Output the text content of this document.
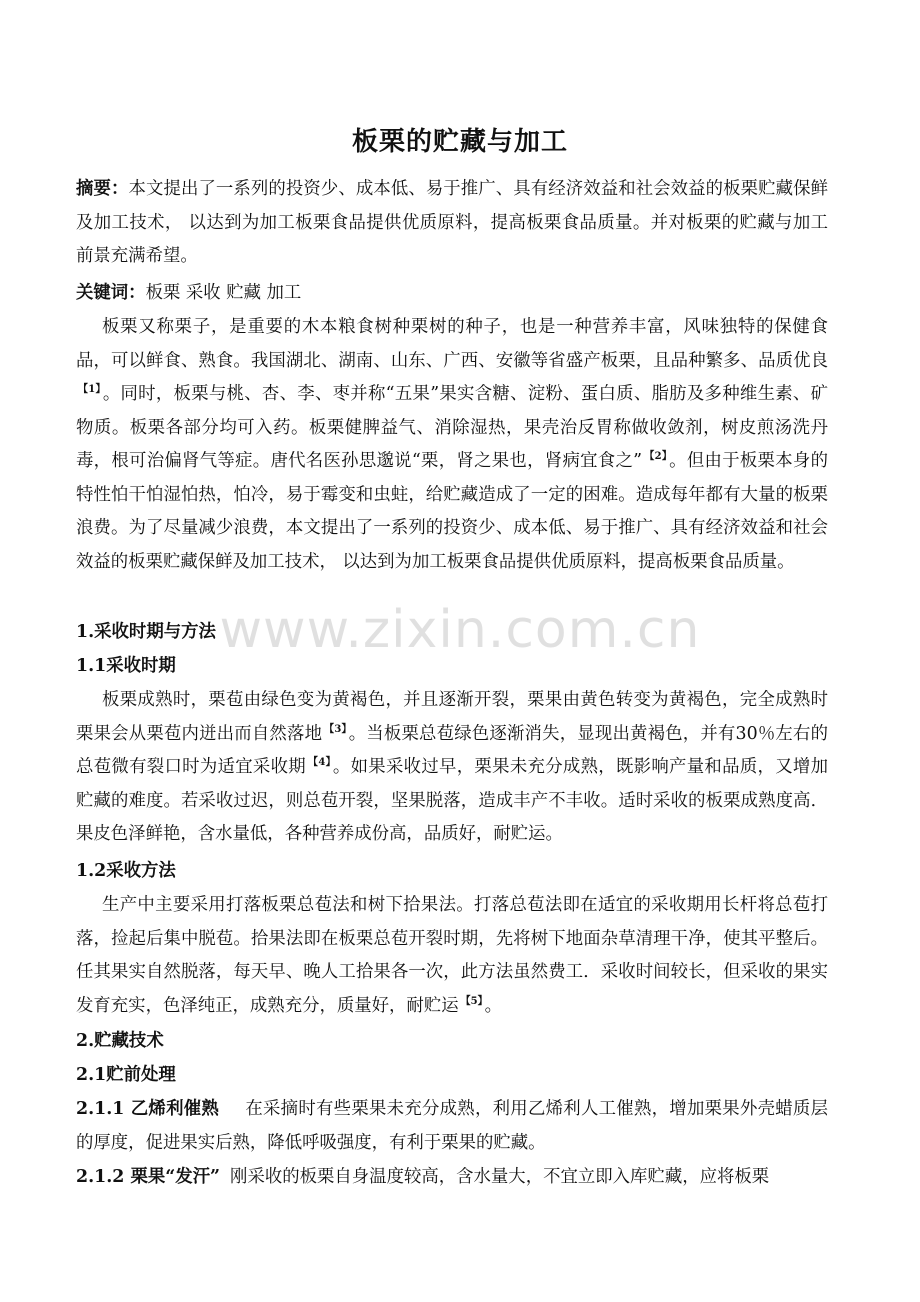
板栗的贮藏与加工
摘要：本文提出了一系列的投资少、成本低、易于推广、具有经济效益和社会效益的板栗贮藏保鲜及加工技术， 以达到为加工板栗食品提供优质原料，提高板栗食品质量。并对板栗的贮藏与加工前景充满希望。
关键词：板栗 采收 贮藏 加工
板栗又称栗子，是重要的木本粮食树种栗树的种子，也是一种营养丰富，风味独特的保健食品，可以鲜食、熟食。我国湖北、湖南、山东、广西、安徽等省盛产板栗，且品种繁多、品质优良$^{【1】}$ 。同时，板栗与桃、杏、李、枣并称“五果”果实含糖、淀粉、蛋白质、脂肪及多种维生素、矿物质。板栗各部分均可入药。板栗健脾益气、消除湿热，果壳治反胃称做收敛剂，树皮煎汤洗丹毒，根可治偏肾气等症。唐代名医孙思邈说“栗，肾之果也，肾病宜食之” $^{【2】}$ 。但由于板栗本身的特性怕干怕湿怕热，怕冷，易于霉变和虫蛀，给贮藏造成了一定的困难。造成每年都有大量的板栗浪费。为了尽量减少浪费，本文提出了一系列的投资少、成本低、易于推广、具有经济效益和社会效益的板栗贮藏保鲜及加工技术， 以达到为加工板栗食品提供优质原料，提高板栗食品质量。
1.采收时期与方法
1.1采收时期
板栗成熟时，栗苞由绿色变为黄褐色，并且逐渐开裂，栗果由黄色转变为黄褐色，完全成熟时栗果会从栗苞内迸出而自然落地 $^{【3】}$ 。当板栗总苞绿色逐渐消失，显现出黄褐色，并有30％左右的总苞微有裂口时为适宜采收期 $^{【4】}$ 。如果采收过早，栗果未充分成熟，既影响产量和品质，又增加贮藏的难度。若采收过迟，则总苞开裂，坚果脱落，造成丰产不丰收。适时采收的板栗成熟度高．果皮色泽鲜艳，含水量低，各种营养成份高，品质好，耐贮运。
1.2采收方法
生产中主要采用打落板栗总苞法和树下拾果法。打落总苞法即在适宜的采收期用长杆将总苞打落，捡起后集中脱苞。拾果法即在板栗总苞开裂时期，先将树下地面杂草清理干净，使其平整后。任其果实自然脱落，每天早、晚人工拾果各一次，此方法虽然费工．采收时间较长，但采收的果实发育充实，色泽纯正，成熟充分，质量好，耐贮运 $^{【5】}$ 。
2.贮藏技术
2.1贮前处理
2.1.1 乙烯利催熟 在采摘时有些栗果未充分成熟，利用乙烯利人工催熟，增加栗果外壳蜡质层的厚度，促进果实后熟，降低呼吸强度，有利于栗果的贮藏。
2.1.2 栗果“发汗” 刚采收的板栗自身温度较高，含水量大，不宜立即入库贮藏，应将板栗
www.zixin.com.cn
